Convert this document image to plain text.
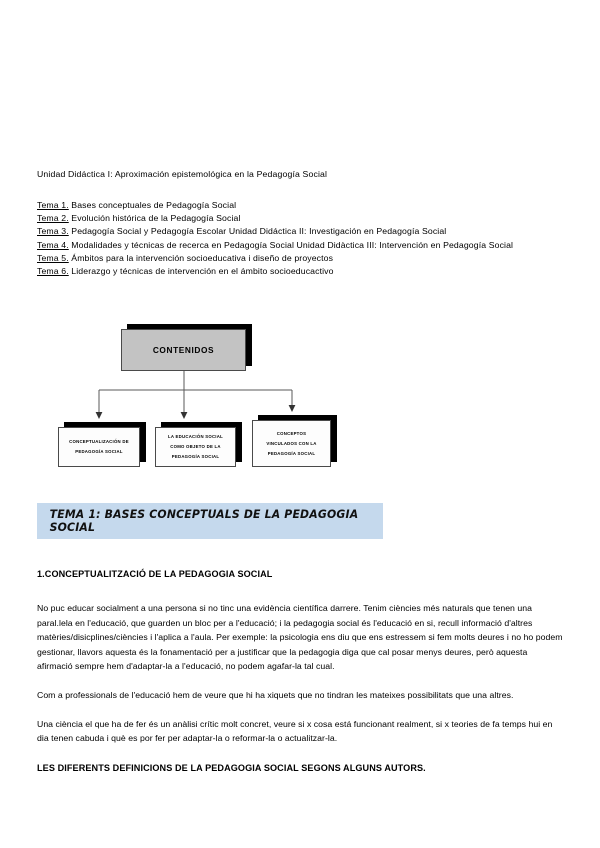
Unidad Didáctica I: Aproximación epistemológica en la Pedagogía Social

Tema 1. Bases conceptuales de Pedagogía Social
Tema 2. Evolución histórica de la Pedagogía Social
Tema 3. Pedagogía Social y Pedagogía Escolar Unidad Didáctica II: Investigación en Pedagogía Social
Tema 4. Modalidades y técnicas de recerca en Pedagogía Social Unidad Didàctica III: Intervención en Pedagogía Social
Tema 5. Ámbitos para la intervención socioeducativa i diseño de proyectos
Tema 6. Liderazgo y técnicas de intervención en el ámbito socioeducactivo
CONTENIDOS
CONCEPTUALIZACIÓN DE
PEDAGOGÍA SOCIAL
LA EDUCACIÓN SOCIAL
COMO OBJETO DE LA
PEDAGOGÍA SOCIAL
CONCEPTOS
VINCULADOS CON LA
PEDAGOGÍA SOCIAL
TEMA 1: BASES CONCEPTUALS DE LA PEDAGOGIA SOCIAL

1.CONCEPTUALITZACIÓ DE LA PEDAGOGIA SOCIAL

No puc educar socialment a una persona si no tinc una evidència científica darrere. Tenim ciències més naturals que tenen una paral.lela en l'educació, que guarden un bloc per a l'educació; i la pedagogia social és l'educació en si, recull informació d'altres matèries/disicplines/ciències i l'aplica a l'aula. Per exemple: la psicologia ens diu que ens estressem si fem molts deures i no ho podem gestionar, llavors aquesta és la fonamentació per a justificar que la pedagogia diga que cal posar menys deures, però aquesta afirmació sempre hem d'adaptar-la a l'educació, no podem agafar-la tal cual.

Com a professionals de l'educació hem de veure que hi ha xiquets que no tindran les mateixes possibilitats que una altres.

Una ciència el que ha de fer és un anàlisi crític molt concret, veure si x cosa está funcionant realment, si x teories de fa temps hui en dia tenen cabuda i què es por fer per adaptar-la o reformar-la o actualitzar-la.

LES DIFERENTS DEFINICIONS DE LA PEDAGOGIA SOCIAL SEGONS ALGUNS AUTORS.
